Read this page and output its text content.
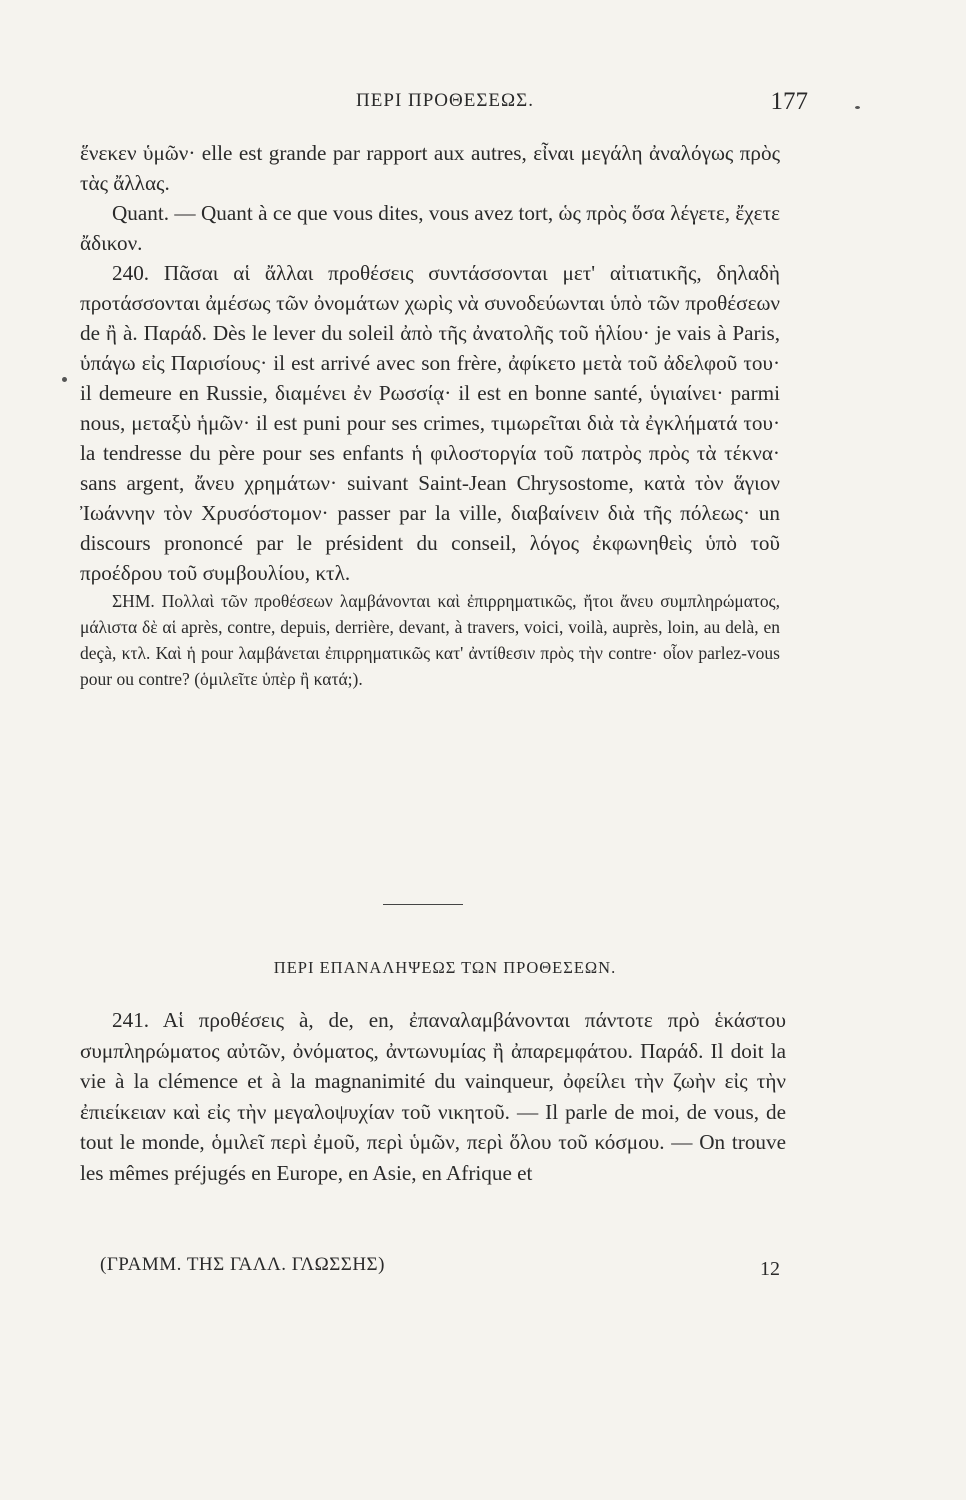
ΠΕΡΙ ΠΡΟΘΕΣΕΩΣ.	177

ἕνεκεν ὑμῶν· elle est grande par rapport aux autres, εἶναι μεγάλη ἀναλόγως πρὸς τὰς ἄλλας.

Quant. — Quant à ce que vous dites, vous avez tort, ὡς πρὸς ὅσα λέγετε, ἔχετε ἄδικον.

240. Πᾶσαι αἱ ἄλλαι προθέσεις συντάσσονται μετ' αἰτιατικῆς, δηλαδὴ προτάσσονται ἀμέσως τῶν ὀνομάτων χωρὶς νὰ συνοδεύωνται ὑπὸ τῶν προθέσεων de ἢ à. Παράδ. Dès le lever du soleil ἀπὸ τῆς ἀνατολῆς τοῦ ἡλίου· je vais à Paris, ὑπάγω εἰς Παρισίους· il est arrivé avec son frère, ἀφίκετο μετὰ τοῦ ἀδελφοῦ του· il demeure en Russie, διαμένει ἐν Ρωσσίᾳ· il est en bonne santé, ὑγιαίνει· parmi nous, μεταξὺ ἡμῶν· il est puni pour ses crimes, τιμωρεῖται διὰ τὰ ἐγκλήματά του· la tendresse du père pour ses enfants ἡ φιλοστοργία τοῦ πατρὸς πρὸς τὰ τέκνα· sans argent, ἄνευ χρημάτων· suivant Saint-Jean Chrysostome, κατὰ τὸν ἅγιον Ἰωάννην τὸν Χρυσόστομον· passer par la ville, διαβαίνειν διὰ τῆς πόλεως· un discours prononcé par le président du conseil, λόγος ἐκφωνηθεὶς ὑπὸ τοῦ προέδρου τοῦ συμβουλίου, κτλ.

ΣΗΜ. Πολλαὶ τῶν προθέσεων λαμβάνονται καὶ ἐπιρρηματικῶς, ἤτοι ἄνευ συμπληρώματος, μάλιστα δὲ αἱ après, contre, depuis, derrière, devant, à travers, voici, voilà, auprès, loin, au delà, en deçà, κτλ. Καὶ ἡ pour λαμβάνεται ἐπιρρηματικῶς κατ' ἀντίθεσιν πρὸς τὴν contre· οἷον parlez-vous pour ou contre? (ὁμιλεῖτε ὑπὲρ ἢ κατά;).

ΠΕΡΙ ΕΠΑΝΑΛΗΨΕΩΣ ΤΩΝ ΠΡΟΘΕΣΕΩΝ.

241. Αἱ προθέσεις à, de, en, ἐπαναλαμβάνονται πάντοτε πρὸ ἑκάστου συμπληρώματος αὐτῶν, ὀνόματος, ἀντωνυμίας ἢ ἀπαρεμφάτου. Παράδ. Il doit la vie à la clémence et à la magnanimité du vainqueur, ὀφείλει τὴν ζωὴν εἰς τὴν ἐπιείκειαν καὶ εἰς τὴν μεγαλοψυχίαν τοῦ νικητοῦ. — Il parle de moi, de vous, de tout le monde, ὁμιλεῖ περὶ ἐμοῦ, περὶ ὑμῶν, περὶ ὅλου τοῦ κόσμου. — On trouve les mêmes préjugés en Europe, en Asie, en Afrique et

(ΓΡΑΜΜ. ΤΗΣ ΓΑΛΛ. ΓΛΩΣΣΗΣ)	12
